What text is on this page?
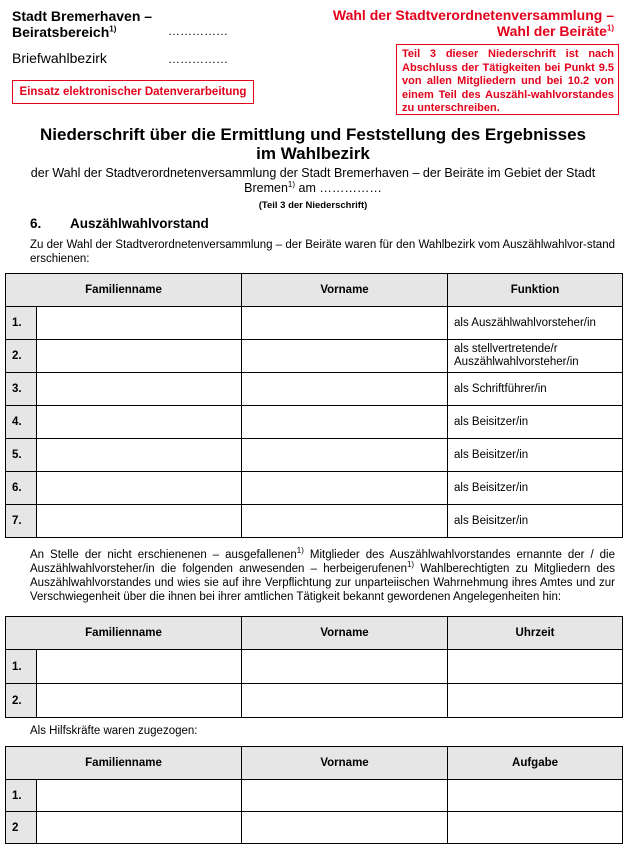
Stadt Bremerhaven –
Beiratsbereich$^{1)}$	……………
Briefwahlbezirk	……………
Einsatz elektronischer Datenverarbeitung
Wahl der Stadtverordnetenversammlung –
Wahl der Beiräte$^{1)}$
Teil 3 dieser Niederschrift ist nach Abschluss der Tätigkeiten bei Punkt 9.5 von allen Mitgliedern und bei 10.2 von einem Teil des Auszähl-wahlvorstandes zu unterschreiben.
Niederschrift über die Ermittlung und Feststellung des Ergebnisses
im Wahlbezirk
der Wahl der Stadtverordnetenversammlung der Stadt Bremerhaven – der Beiräte im Gebiet der Stadt
Bremen$^{1)}$ am ……………
(Teil 3 der Niederschrift)
6. Auszählwahlvorstand
Zu der Wahl der Stadtverordnetenversammlung – der Beiräte waren für den Wahlbezirk vom Auszählwahlvor-stand erschienen:
Familienname		Vorname	Funktion
1.			als Auszählwahlvorsteher/in
2.			als stellvertretende/r Auszählwahlvorsteher/in
3.			als Schriftführer/in
4.			als Beisitzer/in
5.			als Beisitzer/in
6.			als Beisitzer/in
7.			als Beisitzer/in
An Stelle der nicht erschienenen – ausgefallenen$^{1)}$ Mitglieder des Auszählwahlvorstandes ernannte der / die Auszählwahlvorsteher/in die folgenden anwesenden – herbeigerufenen$^{1)}$ Wahlberechtigten zu Mitgliedern des Auszählwahlvorstandes und wies sie auf ihre Verpflichtung zur unparteiischen Wahrnehmung ihres Amtes und zur Verschwiegenheit über die ihnen bei ihrer amtlichen Tätigkeit bekannt gewordenen Angelegenheiten hin:
Familienname		Vorname	Uhrzeit
1.			
2.			
Als Hilfskräfte waren zugezogen:
Familienname		Vorname	Aufgabe
1.			
2			
